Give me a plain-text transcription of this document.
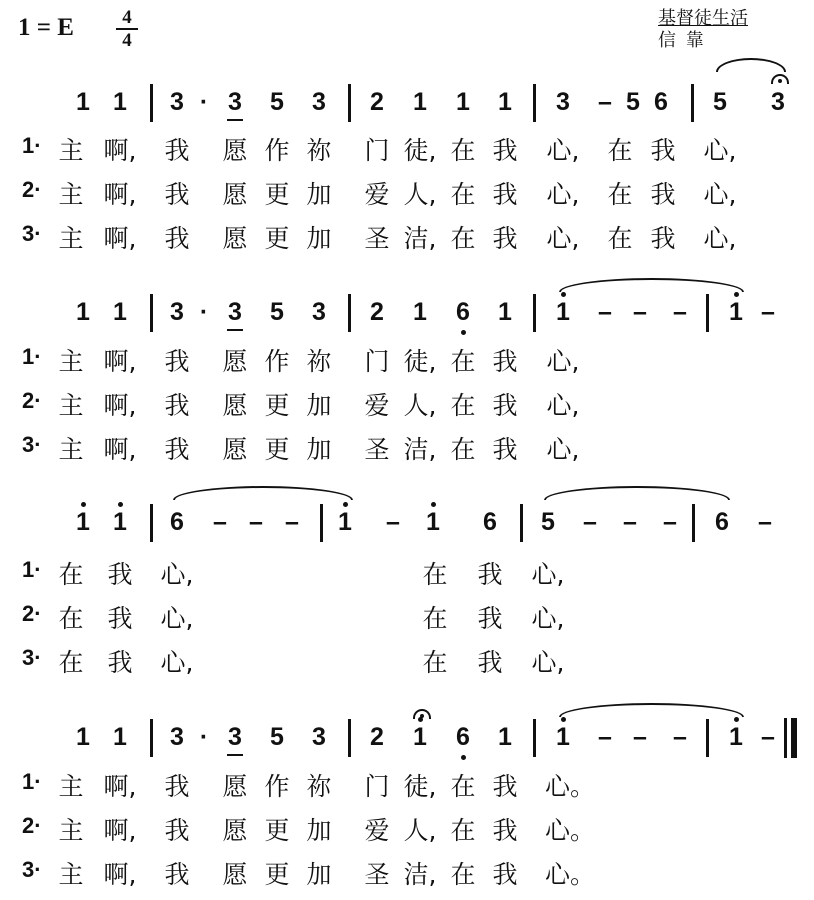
1 = E	4
4
基督徒生活
信 靠
1 1	3 · 3	5	3	2	1	1	1	3	– 5 6	5	3
1· 主 啊, 我 愿 作 祢 门 徒, 在 我 心, 在 我 心,
2· 主 啊, 我 愿 更 加 爱 人, 在 我 心, 在 我 心,
3· 主 啊, 我 愿 更 加 圣 洁, 在 我 心, 在 我 心,
1 1	3 · 3	5	3	2	1	6	1	1	– –	–	1 –
1· 主 啊, 我 愿 作 祢 门 徒, 在 我 心,
2· 主 啊, 我 愿 更 加 爱 人, 在 我 心,
3· 主 啊, 我 愿 更 加 圣 洁, 在 我 心,
1 1	6	– – –	1	–	1	6	5	–	–	–	6	–
1· 在 我 心,	在 我 心,
2· 在 我 心,	在 我 心,
3· 在 我 心,	在 我 心,
1 1	3 · 3	5	3	2	1	6	1	1	– –	–	1 –
1· 主 啊, 我 愿 作 祢 门 徒, 在 我 心。
2· 主 啊, 我 愿 更 加 爱 人, 在 我 心。
3· 主 啊, 我 愿 更 加 圣 洁, 在 我 心。
